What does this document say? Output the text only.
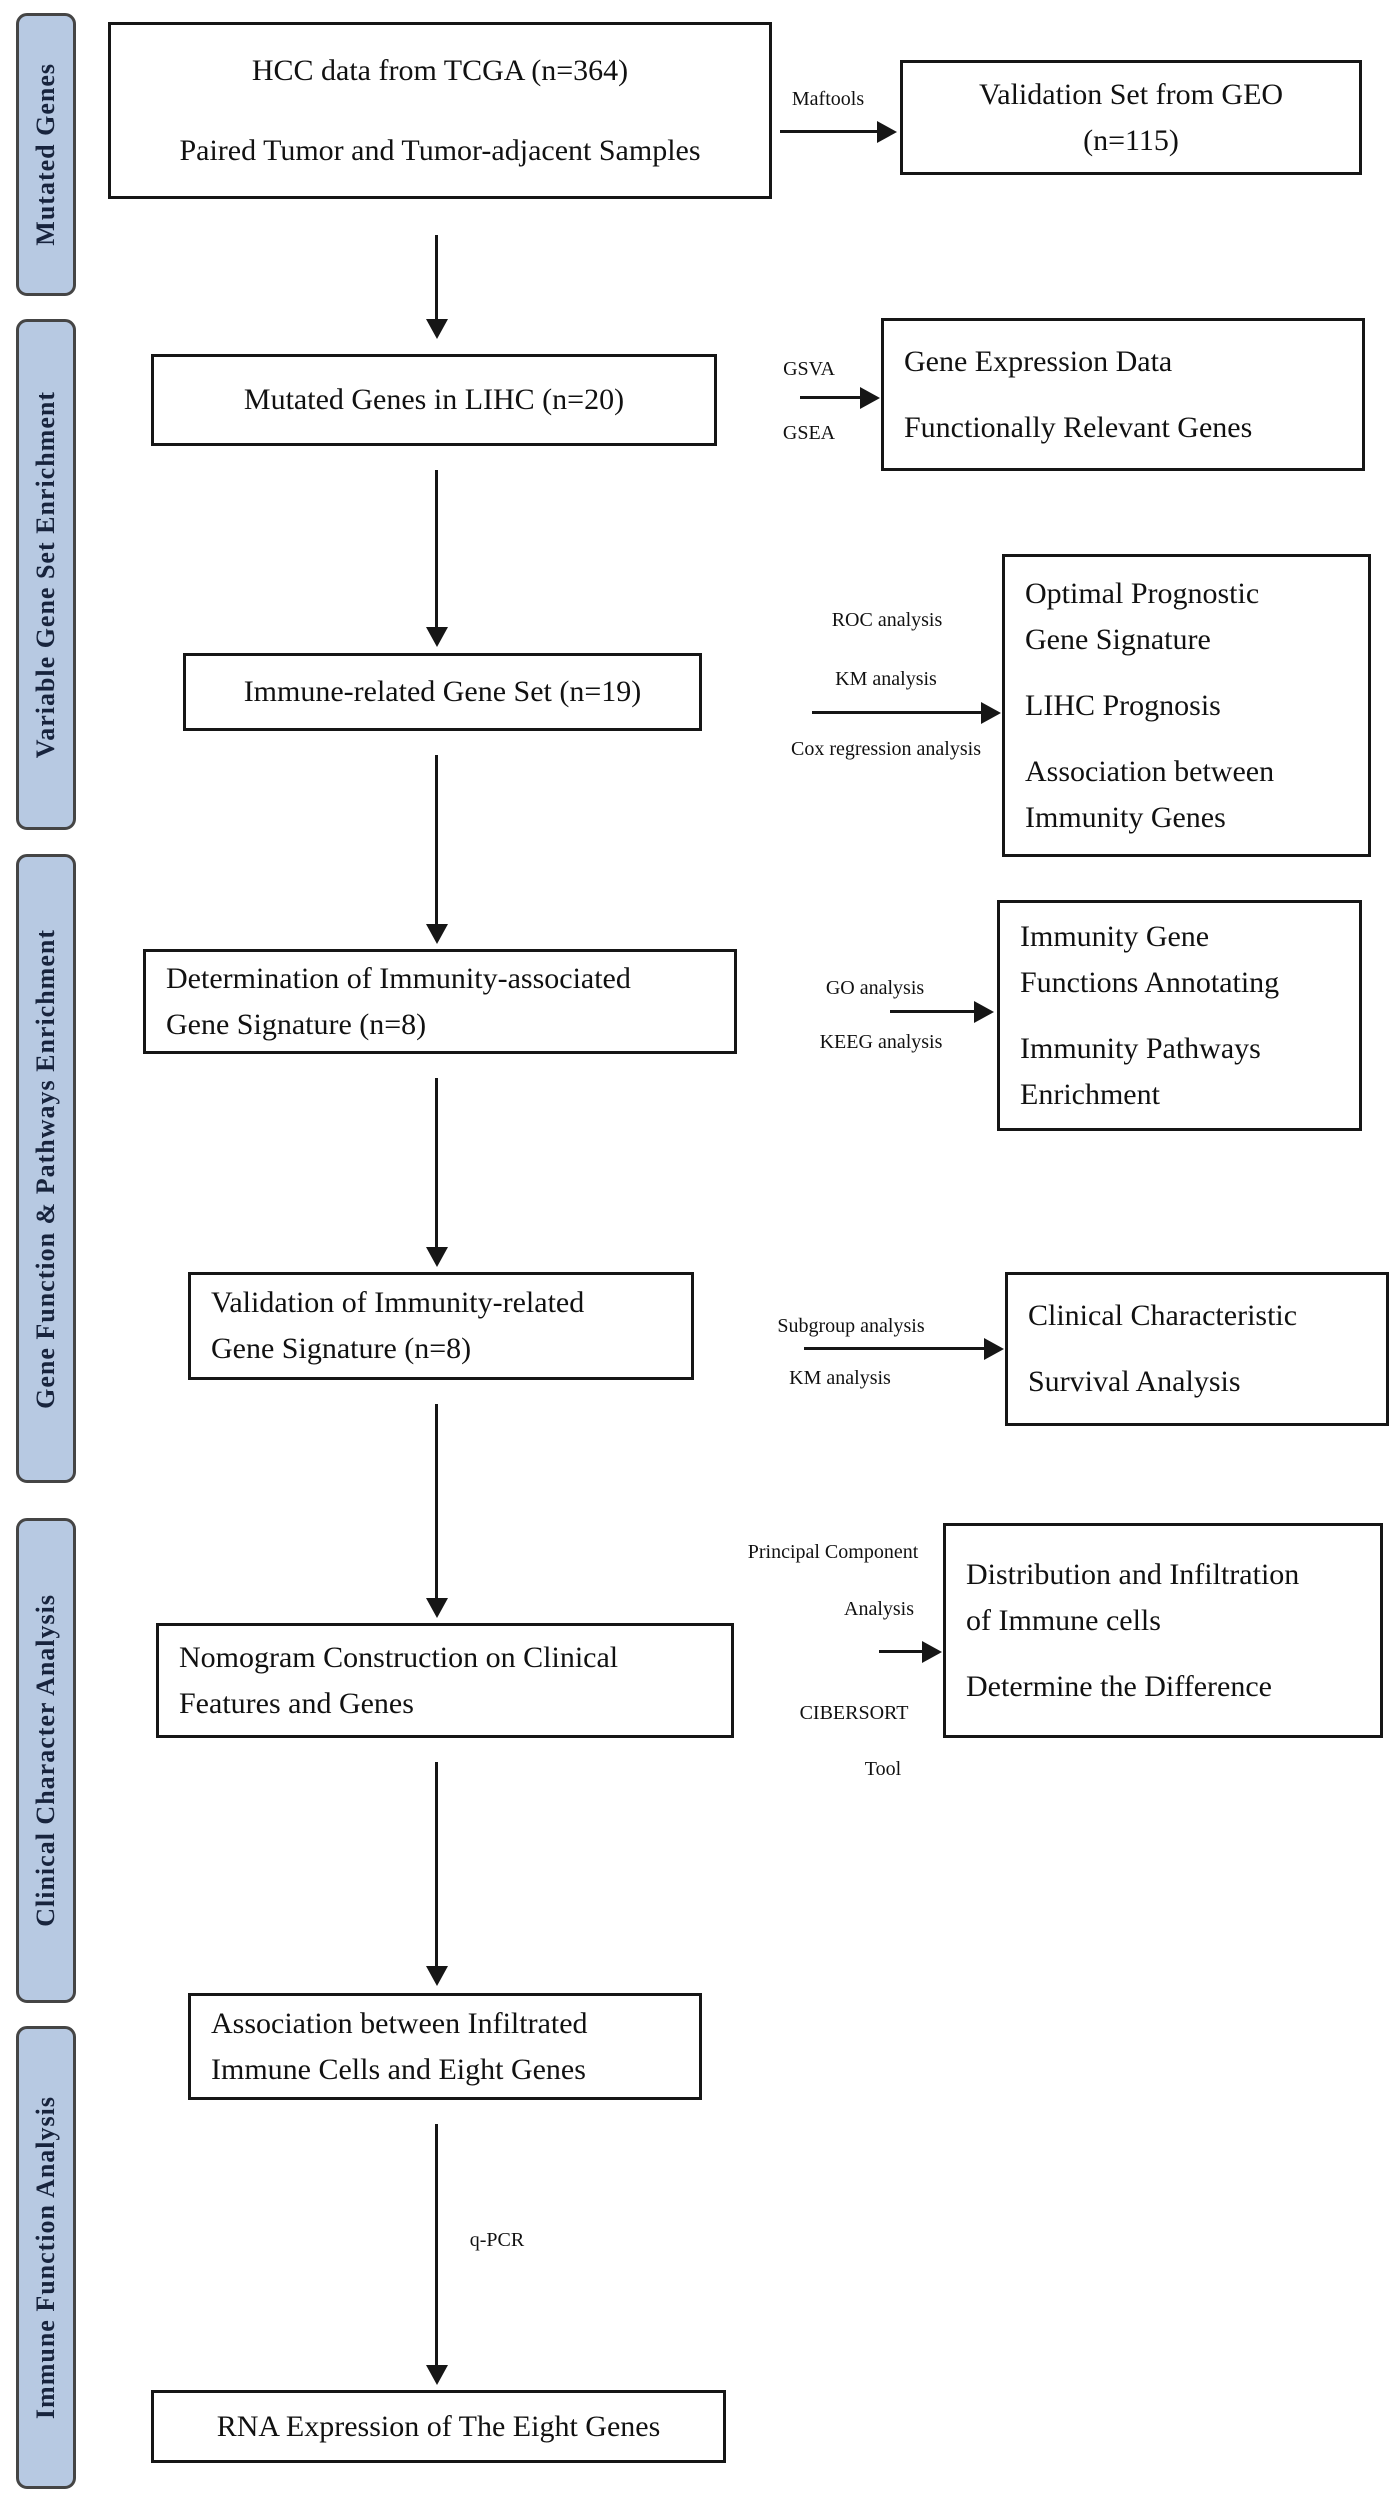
Mutated Genes
Variable Gene Set Enrichment
Gene Function & Pathways Enrichment
Clinical Character Analysis
Immune Function Analysis
HCC data from TCGA (n=364)
Paired Tumor and Tumor-adjacent Samples
Mutated Genes in LIHC (n=20)
Immune-related Gene Set (n=19)
Determination of Immunity-associated
Gene Signature (n=8)
Validation of Immunity-related
Gene Signature (n=8)
Nomogram Construction on Clinical
Features and Genes
Association between Infiltrated
Immune Cells and Eight Genes
RNA Expression of The Eight Genes
Validation Set from GEO
(n=115)
Gene Expression Data
Functionally Relevant Genes
Optimal Prognostic
Gene Signature
LIHC Prognosis
Association between
Immunity Genes
Immunity Gene
Functions Annotating
Immunity Pathways
Enrichment
Clinical Characteristic
Survival Analysis
Distribution and Infiltration
of Immune cells
Determine the Difference
Maftools
GSVA
GSEA
ROC analysis
KM analysis
Cox regression analysis
GO analysis
KEEG analysis
Subgroup analysis
KM analysis
Principal Component
Analysis
CIBERSORT
Tool
q-PCR
